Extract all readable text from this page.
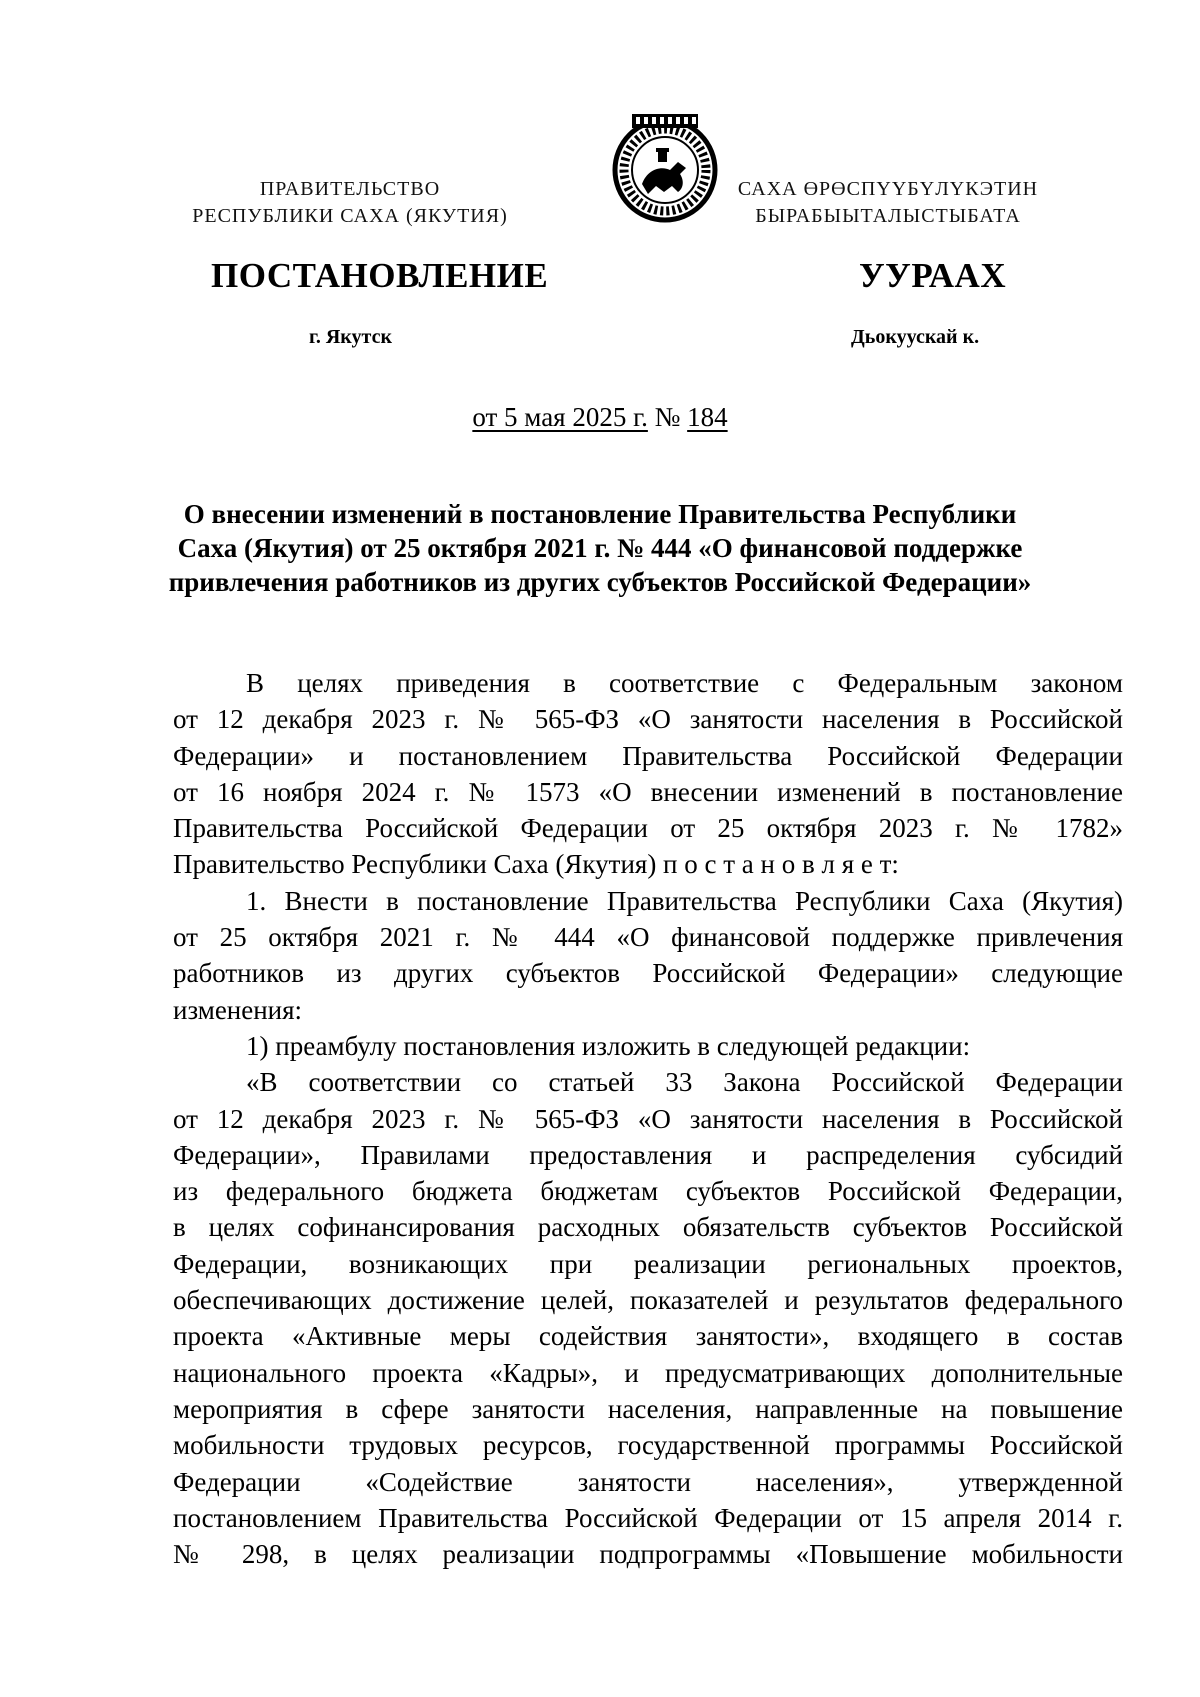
ПРАВИТЕЛЬСТВО
РЕСПУБЛИКИ САХА (ЯКУТИЯ)
САХА ӨРӨСПҮҮБҮЛҮКЭТИН
БЫРАБЫЫТАЛЫСТЫБАТА
ПОСТАНОВЛЕНИЕ	УУРААХ
г. Якутск	Дьокуускай к.
от 5 мая 2025 г. № 184
О внесении изменений в постановление Правительства Республики
Саха (Якутия) от 25 октября 2021 г. № 444 «О финансовой поддержке
привлечения работников из других субъектов Российской Федерации»
В целях приведения в соответствие с Федеральным законом
от 12 декабря 2023 г. № 565-ФЗ «О занятости населения в Российской
Федерации» и постановлением Правительства Российской Федерации
от 16 ноября 2024 г. № 1573 «О внесении изменений в постановление
Правительства Российской Федерации от 25 октября 2023 г. № 1782»
Правительство Республики Саха (Якутия) п о с т а н о в л я е т:
1. Внести в постановление Правительства Республики Саха (Якутия)
от 25 октября 2021 г. № 444 «О финансовой поддержке привлечения
работников из других субъектов Российской Федерации» следующие
изменения:
1) преамбулу постановления изложить в следующей редакции:
«В соответствии со статьей 33 Закона Российской Федерации
от 12 декабря 2023 г. № 565-ФЗ «О занятости населения в Российской
Федерации», Правилами предоставления и распределения субсидий
из федерального бюджета бюджетам субъектов Российской Федерации,
в целях софинансирования расходных обязательств субъектов Российской
Федерации, возникающих при реализации региональных проектов,
обеспечивающих достижение целей, показателей и результатов федерального
проекта «Активные меры содействия занятости», входящего в состав
национального проекта «Кадры», и предусматривающих дополнительные
мероприятия в сфере занятости населения, направленные на повышение
мобильности трудовых ресурсов, государственной программы Российской
Федерации «Содействие занятости населения», утвержденной
постановлением Правительства Российской Федерации от 15 апреля 2014 г.
№ 298, в целях реализации подпрограммы «Повышение мобильности
